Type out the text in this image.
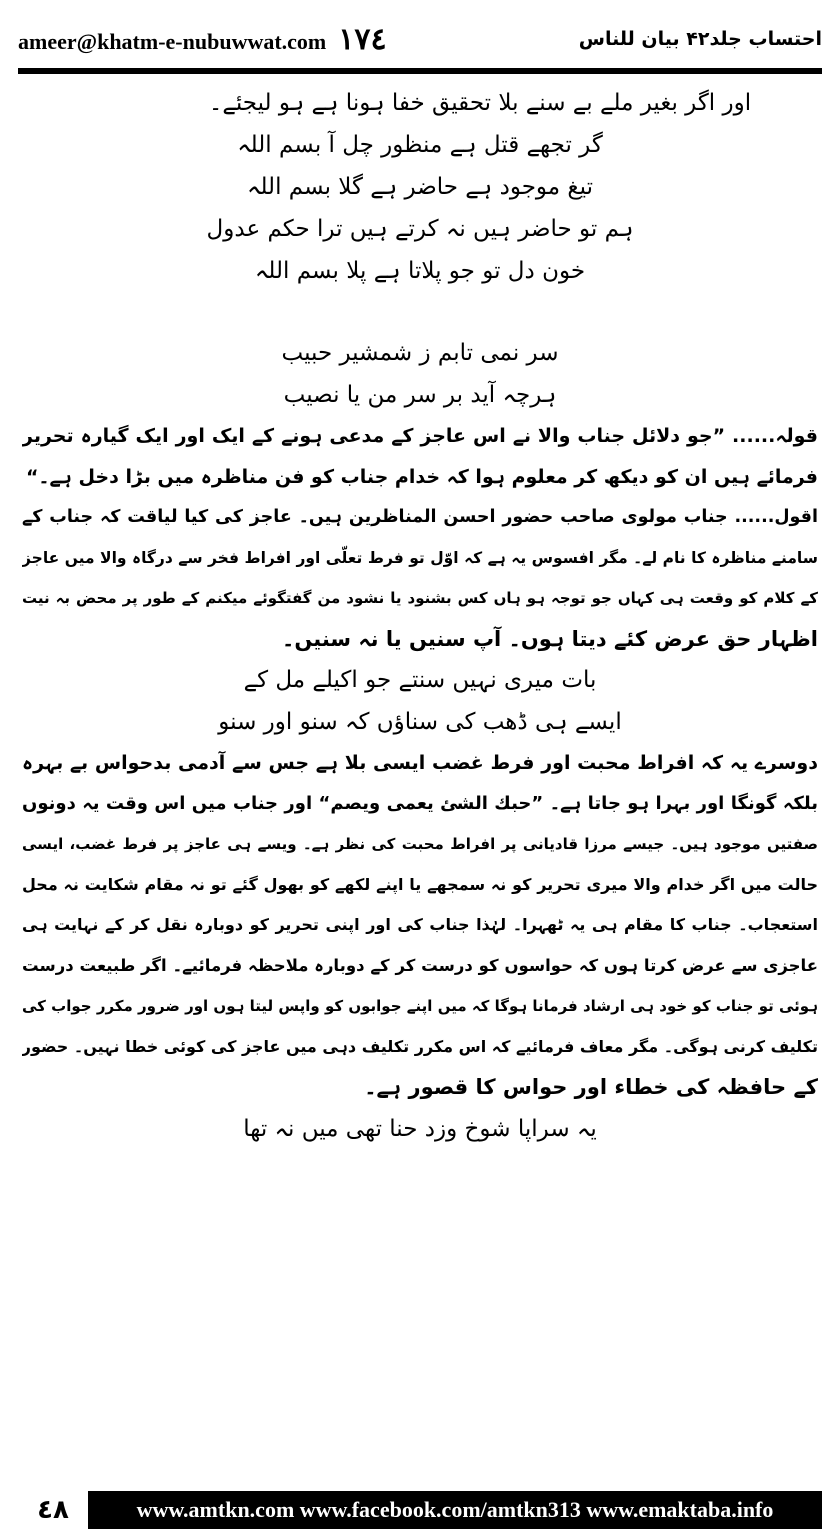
ameer@khatm-e-nubuwwat.com ١٧٤	احتساب جلد۴۲ بیان للناس
اور اگر بغیر ملے بے سنے بلا تحقیق خفا ہونا ہے ہو لیجئے۔
گر تجھے قتل ہے منظور چل آ بسم اللہ
تیغ موجود ہے حاضر ہے گلا بسم اللہ
ہم تو حاضر ہیں نہ کرتے ہیں ترا حکم عدول
خون دل تو جو پلاتا ہے پلا بسم اللہ
سر نمی تابم ز شمشیر حبیب
ہرچہ آید بر سر من یا نصیب
قولہ...... ”جو دلائل جناب والا نے اس عاجز کے مدعی ہونے کے ایک اور ایک گیارہ تحریر
فرمائے ہیں ان کو دیکھ کر معلوم ہوا کہ خدام جناب کو فن مناظرہ میں بڑا دخل ہے۔“
اقول...... جناب مولوی صاحب حضور احسن المناظرین ہیں۔ عاجز کی کیا لیاقت کہ جناب کے
سامنے مناظرہ کا نام لے۔ مگر افسوس یہ ہے کہ اوّل تو فرط تعلّی اور افراط فخر سے درگاہ والا میں عاجز
کے کلام کو وقعت ہی کہاں جو توجہ ہو ہاں کس بشنود یا نشود من گفتگوئے میکنم کے طور پر محض بہ نیت
اظہار حق عرض کئے دیتا ہوں۔ آپ سنیں یا نہ سنیں۔
بات میری نہیں سنتے جو اکیلے مل کے
ایسے ہی ڈھب کی سناؤں کہ سنو اور سنو
دوسرے یہ کہ افراط محبت اور فرط غضب ایسی بلا ہے جس سے آدمی بدحواس بے بہرہ
بلکہ گونگا اور بہرا ہو جاتا ہے۔ ”حبك الشئ يعمى ويصم“ اور جناب میں اس وقت یہ دونوں
صفتیں موجود ہیں۔ جیسے مرزا قادیانی پر افراط محبت کی نظر ہے۔ ویسے ہی عاجز پر فرط غضب، ایسی
حالت میں اگر خدام والا میری تحریر کو نہ سمجھے یا اپنے لکھے کو بھول گئے تو نہ مقام شکایت نہ محل
استعجاب۔ جناب کا مقام ہی یہ ٹھہرا۔ لہٰذا جناب کی اور اپنی تحریر کو دوبارہ نقل کر کے نہایت ہی
عاجزی سے عرض کرتا ہوں کہ حواسوں کو درست کر کے دوبارہ ملاحظہ فرمائیے۔ اگر طبیعت درست
ہوئی تو جناب کو خود ہی ارشاد فرمانا ہوگا کہ میں اپنے جوابوں کو واپس لیتا ہوں اور ضرور مکرر جواب کی
تکلیف کرنی ہوگی۔ مگر معاف فرمائیے کہ اس مکرر تکلیف دہی میں عاجز کی کوئی خطا نہیں۔ حضور
کے حافظہ کی خطاء اور حواس کا قصور ہے۔
یہ سراپا شوخ وزد حنا تھی میں نہ تھا
٤٨	www.amtkn.com www.facebook.com/amtkn313 www.emaktaba.info
